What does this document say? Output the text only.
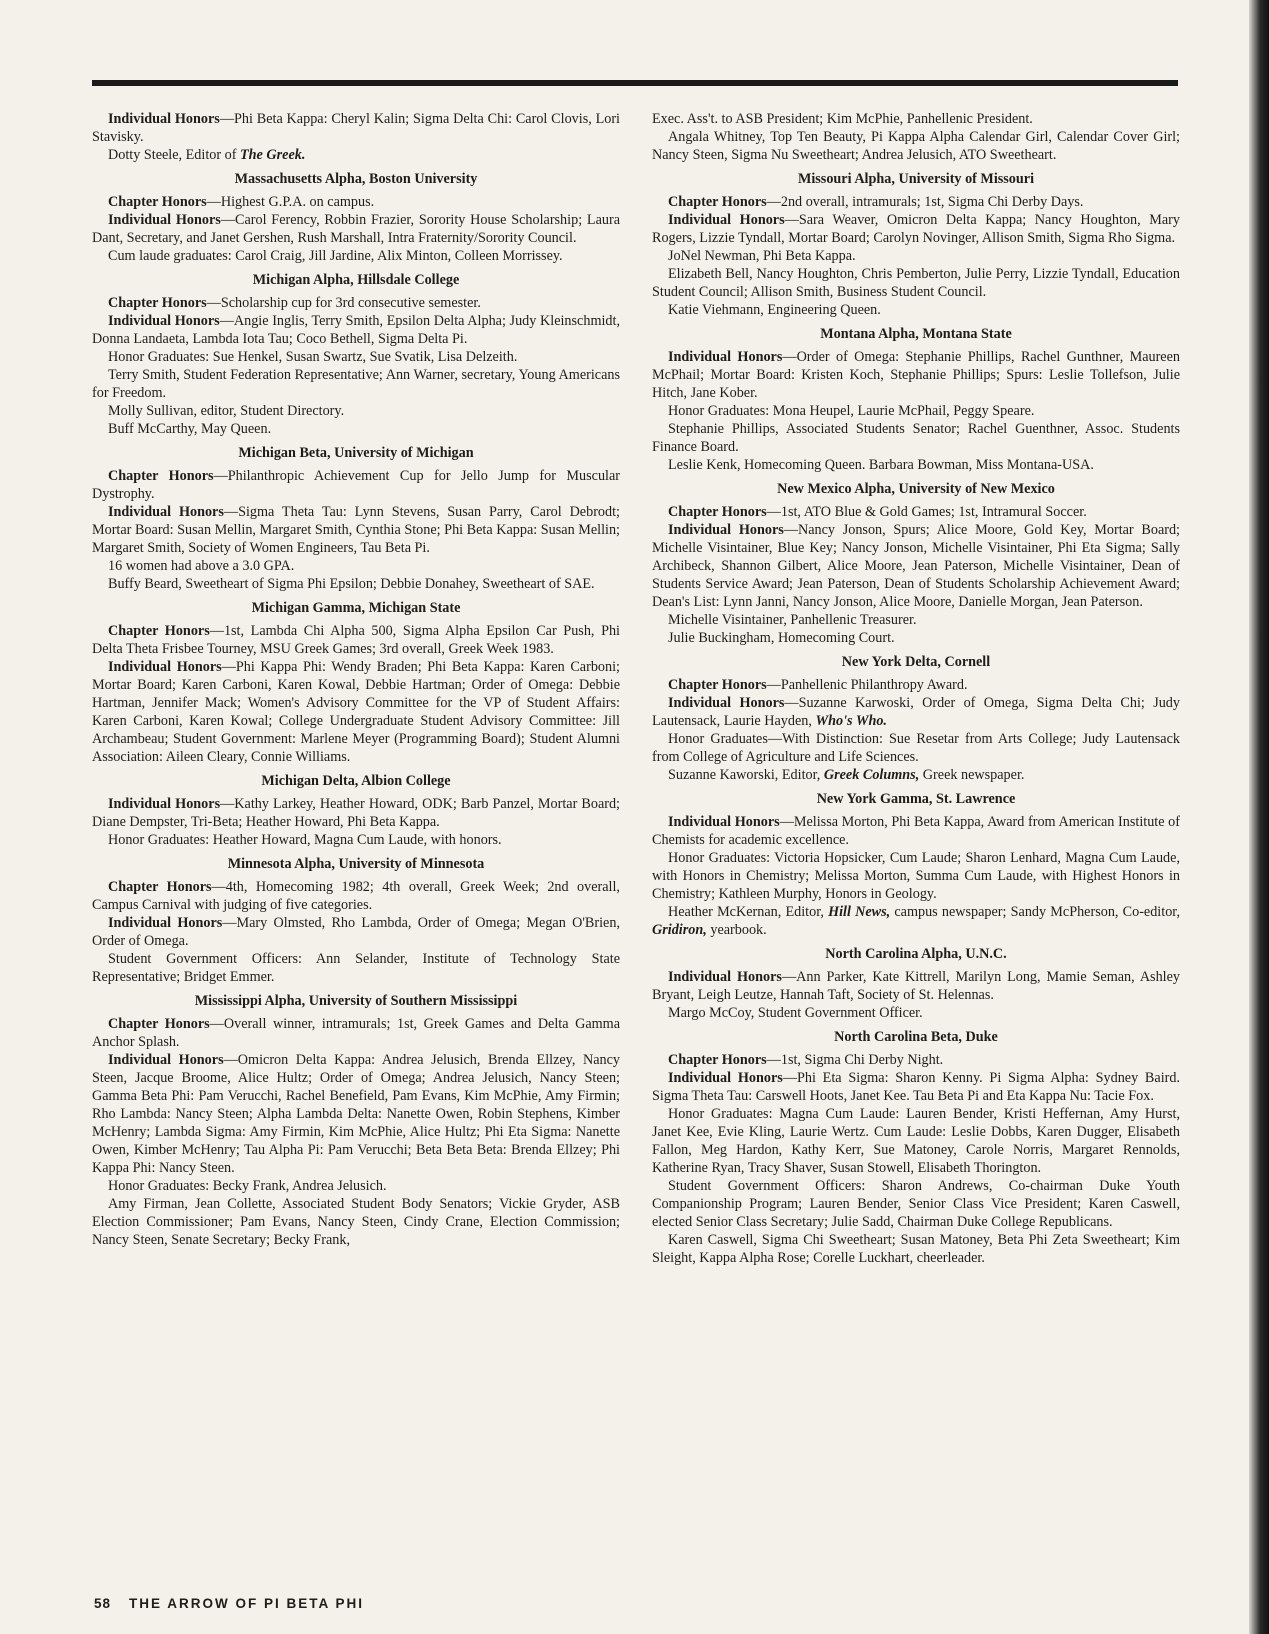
Individual Honors—Phi Beta Kappa: Cheryl Kalin; Sigma Delta Chi: Carol Clovis, Lori Stavisky.

Dotty Steele, Editor of The Greek.

Massachusetts Alpha, Boston University

Chapter Honors—Highest G.P.A. on campus.

Individual Honors—Carol Ferency, Robbin Frazier, Sorority House Scholarship; Laura Dant, Secretary, and Janet Gershen, Rush Marshall, Intra Fraternity/Sorority Council.

Cum laude graduates: Carol Craig, Jill Jardine, Alix Minton, Colleen Morrissey.

Michigan Alpha, Hillsdale College

Chapter Honors—Scholarship cup for 3rd consecutive semester.

Individual Honors—Angie Inglis, Terry Smith, Epsilon Delta Alpha; Judy Kleinschmidt, Donna Landaeta, Lambda Iota Tau; Coco Bethell, Sigma Delta Pi.

Honor Graduates: Sue Henkel, Susan Swartz, Sue Svatik, Lisa Delzeith.

Terry Smith, Student Federation Representative; Ann Warner, secretary, Young Americans for Freedom.

Molly Sullivan, editor, Student Directory.

Buff McCarthy, May Queen.

Michigan Beta, University of Michigan

Chapter Honors—Philanthropic Achievement Cup for Jello Jump for Muscular Dystrophy.

Individual Honors—Sigma Theta Tau: Lynn Stevens, Susan Parry, Carol Debrodt; Mortar Board: Susan Mellin, Margaret Smith, Cynthia Stone; Phi Beta Kappa: Susan Mellin; Margaret Smith, Society of Women Engineers, Tau Beta Pi.

16 women had above a 3.0 GPA.

Buffy Beard, Sweetheart of Sigma Phi Epsilon; Debbie Donahey, Sweetheart of SAE.

Michigan Gamma, Michigan State

Chapter Honors—1st, Lambda Chi Alpha 500, Sigma Alpha Epsilon Car Push, Phi Delta Theta Frisbee Tourney, MSU Greek Games; 3rd overall, Greek Week 1983.

Individual Honors—Phi Kappa Phi: Wendy Braden; Phi Beta Kappa: Karen Carboni; Mortar Board; Karen Carboni, Karen Kowal, Debbie Hartman; Order of Omega: Debbie Hartman, Jennifer Mack; Women's Advisory Committee for the VP of Student Affairs: Karen Carboni, Karen Kowal; College Undergraduate Student Advisory Committee: Jill Archambeau; Student Government: Marlene Meyer (Programming Board); Student Alumni Association: Aileen Cleary, Connie Williams.

Michigan Delta, Albion College

Individual Honors—Kathy Larkey, Heather Howard, ODK; Barb Panzel, Mortar Board; Diane Dempster, Tri-Beta; Heather Howard, Phi Beta Kappa.

Honor Graduates: Heather Howard, Magna Cum Laude, with honors.

Minnesota Alpha, University of Minnesota

Chapter Honors—4th, Homecoming 1982; 4th overall, Greek Week; 2nd overall, Campus Carnival with judging of five categories.

Individual Honors—Mary Olmsted, Rho Lambda, Order of Omega; Megan O'Brien, Order of Omega.

Student Government Officers: Ann Selander, Institute of Technology State Representative; Bridget Emmer.

Mississippi Alpha, University of Southern Mississippi

Chapter Honors—Overall winner, intramurals; 1st, Greek Games and Delta Gamma Anchor Splash.

Individual Honors—Omicron Delta Kappa: Andrea Jelusich, Brenda Ellzey, Nancy Steen, Jacque Broome, Alice Hultz; Order of Omega; Andrea Jelusich, Nancy Steen; Gamma Beta Phi: Pam Verucchi, Rachel Benefield, Pam Evans, Kim McPhie, Amy Firmin; Rho Lambda: Nancy Steen; Alpha Lambda Delta: Nanette Owen, Robin Stephens, Kimber McHenry; Lambda Sigma: Amy Firmin, Kim McPhie, Alice Hultz; Phi Eta Sigma: Nanette Owen, Kimber McHenry; Tau Alpha Pi: Pam Verucchi; Beta Beta Beta: Brenda Ellzey; Phi Kappa Phi: Nancy Steen.

Honor Graduates: Becky Frank, Andrea Jelusich.

Amy Firman, Jean Collette, Associated Student Body Senators; Vickie Gryder, ASB Election Commissioner; Pam Evans, Nancy Steen, Cindy Crane, Election Commission; Nancy Steen, Senate Secretary; Becky Frank,

Exec. Ass't. to ASB President; Kim McPhie, Panhellenic President.

Angala Whitney, Top Ten Beauty, Pi Kappa Alpha Calendar Girl, Calendar Cover Girl; Nancy Steen, Sigma Nu Sweetheart; Andrea Jelusich, ATO Sweetheart.

Missouri Alpha, University of Missouri

Chapter Honors—2nd overall, intramurals; 1st, Sigma Chi Derby Days.

Individual Honors—Sara Weaver, Omicron Delta Kappa; Nancy Houghton, Mary Rogers, Lizzie Tyndall, Mortar Board; Carolyn Novinger, Allison Smith, Sigma Rho Sigma.

JoNel Newman, Phi Beta Kappa.

Elizabeth Bell, Nancy Houghton, Chris Pemberton, Julie Perry, Lizzie Tyndall, Education Student Council; Allison Smith, Business Student Council.

Katie Viehmann, Engineering Queen.

Montana Alpha, Montana State

Individual Honors—Order of Omega: Stephanie Phillips, Rachel Gunthner, Maureen McPhail; Mortar Board: Kristen Koch, Stephanie Phillips; Spurs: Leslie Tollefson, Julie Hitch, Jane Kober.

Honor Graduates: Mona Heupel, Laurie McPhail, Peggy Speare.

Stephanie Phillips, Associated Students Senator; Rachel Guenthner, Assoc. Students Finance Board.

Leslie Kenk, Homecoming Queen. Barbara Bowman, Miss Montana-USA.

New Mexico Alpha, University of New Mexico

Chapter Honors—1st, ATO Blue & Gold Games; 1st, Intramural Soccer.

Individual Honors—Nancy Jonson, Spurs; Alice Moore, Gold Key, Mortar Board; Michelle Visintainer, Blue Key; Nancy Jonson, Michelle Visintainer, Phi Eta Sigma; Sally Archibeck, Shannon Gilbert, Alice Moore, Jean Paterson, Michelle Visintainer, Dean of Students Service Award; Jean Paterson, Dean of Students Scholarship Achievement Award; Dean's List: Lynn Janni, Nancy Jonson, Alice Moore, Danielle Morgan, Jean Paterson.

Michelle Visintainer, Panhellenic Treasurer.

Julie Buckingham, Homecoming Court.

New York Delta, Cornell

Chapter Honors—Panhellenic Philanthropy Award.

Individual Honors—Suzanne Karwoski, Order of Omega, Sigma Delta Chi; Judy Lautensack, Laurie Hayden, Who's Who.

Honor Graduates—With Distinction: Sue Resetar from Arts College; Judy Lautensack from College of Agriculture and Life Sciences.

Suzanne Kaworski, Editor, Greek Columns, Greek newspaper.

New York Gamma, St. Lawrence

Individual Honors—Melissa Morton, Phi Beta Kappa, Award from American Institute of Chemists for academic excellence.

Honor Graduates: Victoria Hopsicker, Cum Laude; Sharon Lenhard, Magna Cum Laude, with Honors in Chemistry; Melissa Morton, Summa Cum Laude, with Highest Honors in Chemistry; Kathleen Murphy, Honors in Geology.

Heather McKernan, Editor, Hill News, campus newspaper; Sandy McPherson, Co-editor, Gridiron, yearbook.

North Carolina Alpha, U.N.C.

Individual Honors—Ann Parker, Kate Kittrell, Marilyn Long, Mamie Seman, Ashley Bryant, Leigh Leutze, Hannah Taft, Society of St. Helennas.

Margo McCoy, Student Government Officer.

North Carolina Beta, Duke

Chapter Honors—1st, Sigma Chi Derby Night.

Individual Honors—Phi Eta Sigma: Sharon Kenny. Pi Sigma Alpha: Sydney Baird. Sigma Theta Tau: Carswell Hoots, Janet Kee. Tau Beta Pi and Eta Kappa Nu: Tacie Fox.

Honor Graduates: Magna Cum Laude: Lauren Bender, Kristi Heffernan, Amy Hurst, Janet Kee, Evie Kling, Laurie Wertz. Cum Laude: Leslie Dobbs, Karen Dugger, Elisabeth Fallon, Meg Hardon, Kathy Kerr, Sue Matoney, Carole Norris, Margaret Rennolds, Katherine Ryan, Tracy Shaver, Susan Stowell, Elisabeth Thorington.

Student Government Officers: Sharon Andrews, Co-chairman Duke Youth Companionship Program; Lauren Bender, Senior Class Vice President; Karen Caswell, elected Senior Class Secretary; Julie Sadd, Chairman Duke College Republicans.

Karen Caswell, Sigma Chi Sweetheart; Susan Matoney, Beta Phi Zeta Sweetheart; Kim Sleight, Kappa Alpha Rose; Corelle Luckhart, cheerleader.

58 THE ARROW OF PI BETA PHI
